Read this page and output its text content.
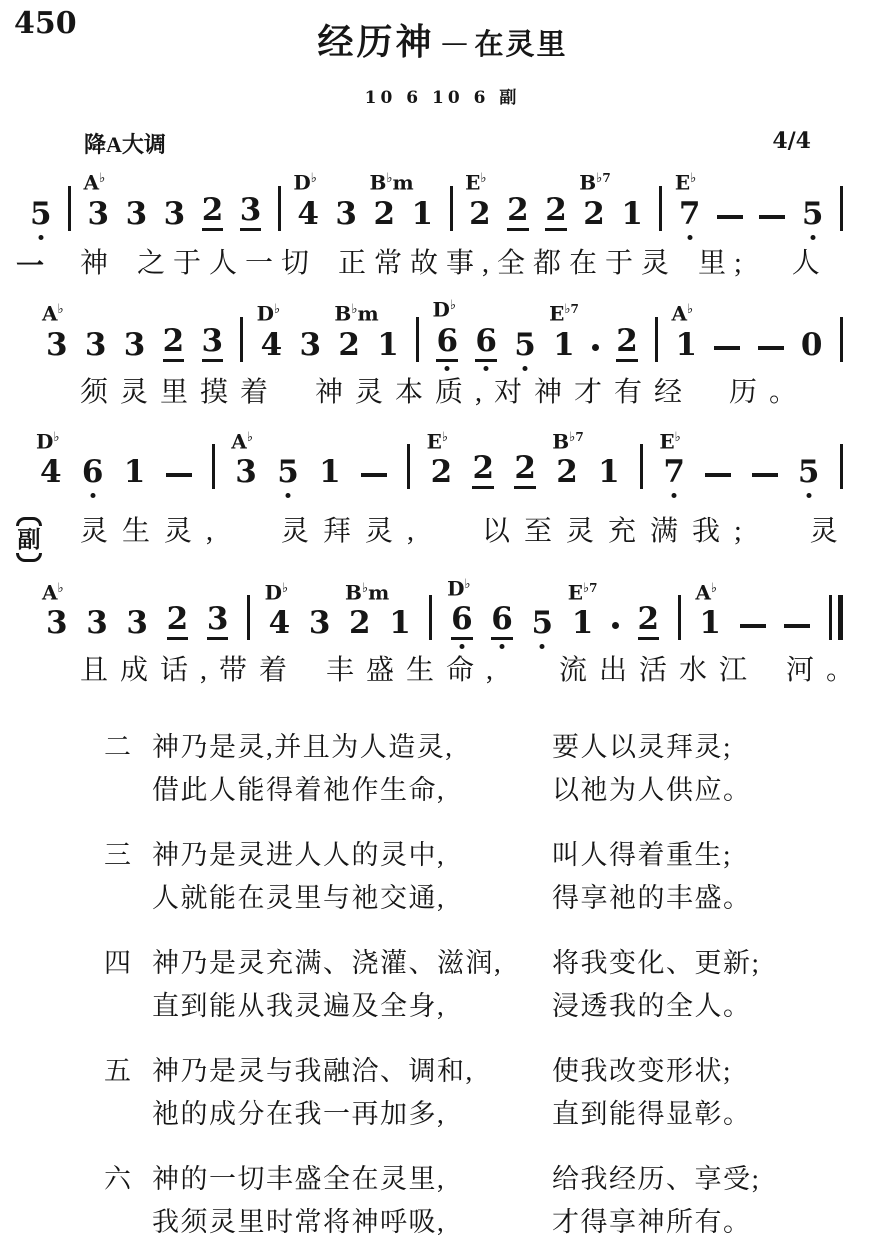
450	经历神 — 在灵里
10 6 10 6 副
降A大调	4/4
5 3
A♭
3 3 2 3 4
D♭
3 2
B♭m
1 2
E♭
2 2 2
$B^{♭7}$
1 7
E♭
5
一	神 之于人一切 正常故事,全都在于灵 里;  人
3
A♭
3 3 2 3 4
D♭
3 2
B♭m
1 6
D♭
6 5 1
$E^{♭7}$
2 1
A♭
0
须灵里摸着 神灵本质,对神才有经 历。
4
D♭
6 1	3
A♭
5 1	2
E♭
2 2 2
$B^{♭7}$
1 7
E♭
5
副 灵生灵,  灵拜灵,  以至灵充满我;  灵
3
A♭
3 3 2 3 4
D♭
3 2
B♭m
1 6
D♭
6 5 1
$E^{♭7}$
2 1
A♭
且成话,带着 丰盛生命,  流出活水江 河。
二 神乃是灵,并且为人造灵,	要人以灵拜灵;
借此人能得着祂作生命,	以祂为人供应。
三 神乃是灵进人人的灵中,	叫人得着重生;
人就能在灵里与祂交通,	得享祂的丰盛。
四 神乃是灵充满、浇灌、滋润,	将我变化、更新;
直到能从我灵遍及全身,	浸透我的全人。
五 神乃是灵与我融洽、调和,	使我改变形状;
祂的成分在我一再加多,	直到能得显彰。
六 神的一切丰盛全在灵里,	给我经历、享受;
我须灵里时常将神呼吸,	才得享神所有。
